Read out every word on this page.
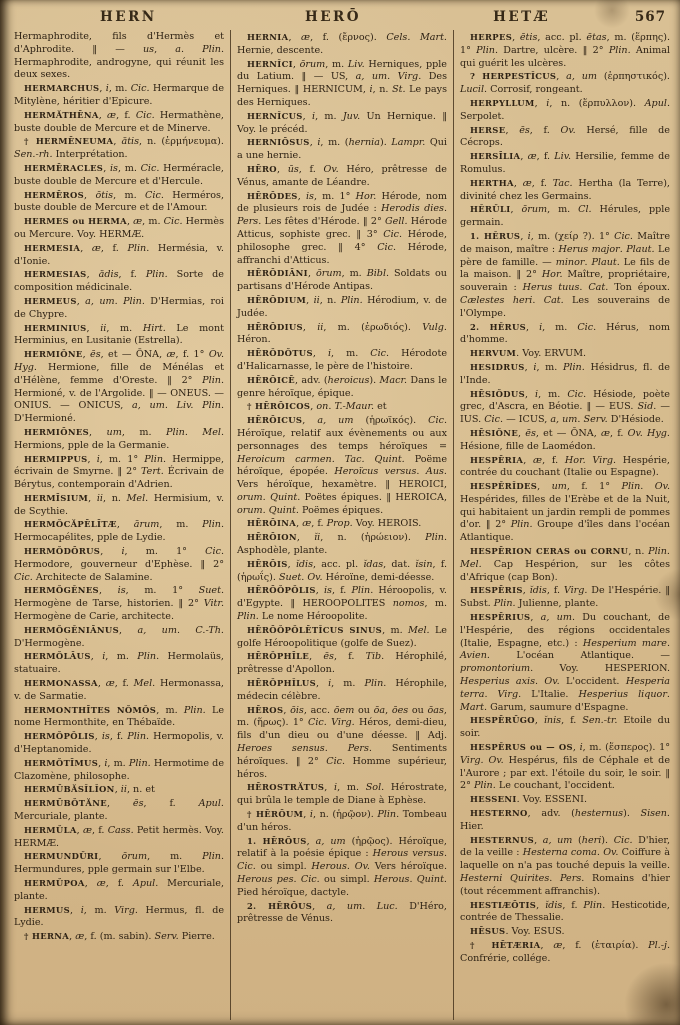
HERN	HERŌ	HETÆ	567

Hermaphrodite, fils d'Hermès et d'Aphrodite. ‖ — us, a. Plin. Hermaphrodite, androgyne, qui réunit les deux sexes.

HERMARCHUS, i, m. Cic. Hermarque de Mitylène, héritier d'Epicure.

HERMĂTHĒNA, æ, f. Cic. Hermathène, buste double de Mercure et de Minerve.

† HERMĒNEUMA, ătis, n. (ἑρμήνευμα). Sen.-rh. Interprétation.

HERMĒRACLES, is, m. Cic. Herméracle, buste double de Mercure et d'Hercule.

HERMĒROS, ōtis, m. Cic. Herméros, buste double de Mercure et de l'Amour.

HERMES ou HERMA, æ, m. Cic. Hermès ou Mercure. Voy. HERMÆ.

HERMESIA, æ, f. Plin. Hermésia, v. d'Ionie.

HERMESIAS, ădis, f. Plin. Sorte de composition médicinale.

HERMEUS, a, um. Plin. D'Hermias, roi de Chypre.

HERMINIUS, ii, m. Hirt. Le mont Herminius, en Lusitanie (Estrella).

HERMIŎNE, ēs, et — ŌNA, æ, f. 1° Ov. Hyg. Hermione, fille de Ménélas et d'Hélène, femme d'Oreste. ‖ 2° Plin. Hermioné, v. de l'Argolide. ‖ — ONEUS. — ONIUS. — ONICUS, a, um. Liv. Plin. D'Hermioné.

HERMIŌNES, um, m. Plin. Mel. Hermions, pple de la Germanie.

HERMIPPUS, i, m. 1° Plin. Hermippe, écrivain de Smyrne. ‖ 2° Tert. Écrivain de Bérytus, contemporain d'Adrien.

HERMĪSIUM, ii, n. Mel. Hermisium, v. de Scythie.

HERMŎCĂPĒLĪTÆ, ārum, m. Plin. Hermocapélites, pple de Lydie.

HERMŎDŌRUS, i, m. 1° Cic. Hermodore, gouverneur d'Ephèse. ‖ 2° Cic. Architecte de Salamine.

HERMŎGĔNES, is, m. 1° Suet. Hermogène de Tarse, historien. ‖ 2° Vitr. Hermogène de Carie, architecte.

HERMŎGĔNIĀNUS, a, um. C.-Th. D'Hermogène.

HERMŎLĀUS, i, m. Plin. Hermolaüs, statuaire.

HERMONASSA, æ, f. Mel. Hermonassa, v. de Sarmatie.

HERMONTHĪTES NŎMŎS, m. Plin. Le nome Hermonthite, en Thébaïde.

HERMŎPŎLIS, is, f. Plin. Hermopolis, v. d'Heptanomide.

HERMŎTĪMUS, i, m. Plin. Hermotime de Clazomène, philosophe.

HERMŪBĂSĬLĬON, ii, n. et

HERMŪBŎTĂNE, ēs, f. Apul. Mercuriale, plante.

HERMŬLA, æ, f. Cass. Petit hermès. Voy. HERMÆ.

HERMUNDŬRI, ōrum, m. Plin. Hermundures, pple germain sur l'Elbe.

HERMŬPOA, æ, f. Apul. Mercuriale, plante.

HERMUS, i, m. Virg. Hermus, fl. de Lydie.

† HERNA, æ, f. (m. sabin). Serv. Pierre.

HERNIA, æ, f. (ἔρνος). Cels. Mart. Hernie, descente.

HERNĬCI, ōrum, m. Liv. Herniques, pple du Latium. ‖ — US, a, um. Virg. Des Herniques. ‖ HERNICUM, i, n. St. Le pays des Herniques.

HERNĬCUS, i, m. Juv. Un Hernique. ‖ Voy. le précéd.

HERNIŌSUS, i, m. (hernia). Lampr. Qui a une hernie.

HĒRO, ūs, f. Ov. Héro, prêtresse de Vénus, amante de Léandre.

HĒRŌDES, is, m. 1° Hor. Hérode, nom de plusieurs rois de Judée : Herodis dies. Pers. Les fêtes d'Hérode. ‖ 2° Gell. Hérode Atticus, sophiste grec. ‖ 3° Cic. Hérode, philosophe grec. ‖ 4° Cic. Hérode, affranchi d'Atticus.

HĒRŌDIĀNI, ōrum, m. Bibl. Soldats ou partisans d'Hérode Antipas.

HĒRŌDIUM, ii, n. Plin. Hérodium, v. de Judée.

HĒRŌDIUS, ii, m. (ἐρωδιός). Vulg. Héron.

HĒRŎDŎTUS, i, m. Cic. Hérodote d'Halicarnasse, le père de l'histoire.

HĒRŌICĒ, adv. (heroicus). Macr. Dans le genre héroïque, épique.

† HĒRŌICOS, on. T.-Maur. et

HĒRŌICUS, a, um (ἡρωϊκός). Cic. Héroïque, relatif aux évènements ou aux personnages des temps héroïques = Heroicum carmen. Tac. Quint. Poëme héroïque, épopée. Heroïcus versus. Aus. Vers héroïque, hexamètre. ‖ HEROICI, orum. Quint. Poëtes épiques. ‖ HEROICA, orum. Quint. Poëmes épiques.

HĒRŌINA, æ, f. Prop. Voy. HEROIS.

HĒRŌION, ĭi, n. (ἡρώειον). Plin. Asphodèle, plante.

HĒRŌIS, ĭdis, acc. pl. ĭdas, dat. ĭsin, f. (ἡρωΐς). Suet. Ov. Héroïne, demi-déesse.

HĒRŌŎPŎLIS, is, f. Plin. Héroopolis, v. d'Egypte. ‖ HEROOPOLITES nomos, m. Plin. Le nome Héroopolite.

HĒRŌŎPŎLĒTĬCUS SINUS, m. Mel. Le golfe Héroopolitique (golfe de Suez).

HĒRŎPHĪLE, ēs, f. Tib. Hérophilé, prêtresse d'Apollon.

HĒRŎPHĬLUS, i, m. Plin. Hérophile, médecin célèbre.

HĒROS, ōis, acc. ōem ou ōa, ōes ou ōas, m. (ἥρως). 1° Cic. Virg. Héros, demi-dieu, fils d'un dieu ou d'une déesse. ‖ Adj. Heroes sensus. Pers. Sentiments héroïques. ‖ 2° Cic. Homme supérieur, héros.

HĒROSTRĂTUS, i, m. Sol. Hérostrate, qui brûla le temple de Diane à Ephèse.

† HĒRŌUM, i, n. (ἡρῷον). Plin. Tombeau d'un héros.

1. HĒRŌUS, a, um (ἡρῷος). Héroïque, relatif à la poésie épique : Herous versus. Cic. ou simpl. Herous. Ov. Vers héroïque. Herous pes. Cic. ou simpl. Herous. Quint. Pied héroïque, dactyle.

2. HĒRŌUS, a, um. Luc. D'Héro, prêtresse de Vénus.

HERPES, ētis, acc. pl. ētas, m. (ἕρπης). 1° Plin. Dartre, ulcère. ‖ 2° Plin. Animal qui guérit les ulcères.

? HERPESTĬCUS, a, um (ἑρπηστικός). Lucil. Corrosif, rongeant.

HERPYLLUM, i, n. (ἕρπυλλον). Apul. Serpolet.

HERSE, ēs, f. Ov. Hersé, fille de Cécrops.

HERSĪLIA, æ, f. Liv. Hersilie, femme de Romulus.

HERTHA, æ, f. Tac. Hertha (la Terre), divinité chez les Germains.

HĔRŬLI, ōrum, m. Cl. Hérules, pple germain.

1. HĔRUS, i, m. (χείρ ?). 1° Cic. Maître de maison, maître : Herus major. Plaut. Le père de famille. — minor. Plaut. Le fils de la maison. ‖ 2° Hor. Maître, propriétaire, souverain : Herus tuus. Cat. Ton époux. Cælestes heri. Cat. Les souverains de l'Olympe.

2. HĔRUS, i, m. Cic. Hérus, nom d'homme.

HERVUM. Voy. ERVUM.

HESIDRUS, i, m. Plin. Hésidrus, fl. de l'Inde.

HĒSIŎDUS, i, m. Cic. Hésiode, poète grec, d'Ascra, en Béotie. ‖ — EUS. Sid. — IUS. Cic. — ICUS, a, um. Serv. D'Hésiode.

HĒSIŎNE, ēs, et — ŎNA, æ, f. Ov. Hyg. Hésione, fille de Laomédon.

HESPĒRIA, æ, f. Hor. Virg. Hespérie, contrée du couchant (Italie ou Espagne).

HESPĔRĬDES, um, f. 1° Plin. Ov. Hespérides, filles de l'Erèbe et de la Nuit, qui habitaient un jardin rempli de pommes d'or. ‖ 2° Plin. Groupe d'îles dans l'océan Atlantique.

HESPĒRION CERAS ou CORNU, n. Plin. Mel. Cap Hespérion, sur les côtes d'Afrique (cap Bon).

HESPĒRIS, ĭdis, f. Virg. De l'Hespérie. ‖ Subst. Plin. Julienne, plante.

HESPĒRIUS, a, um. Du couchant, de l'Hespérie, des régions occidentales (Italie, Espagne, etc.) : Hesperium mare. Avien. L'océan Atlantique. — promontorium. Voy. HESPERION. Hesperius axis. Ov. L'occident. Hesperia terra. Virg. L'Italie. Hesperius liquor. Mart. Garum, saumure d'Espagne.

HESPĒRŪGO, ĭnis, f. Sen.-tr. Etoile du soir.

HESPĔRUS ou — OS, i, m. (ἕσπερος). 1° Virg. Ov. Hespérus, fils de Céphale et de l'Aurore ; par ext. l'étoile du soir, le soir. ‖ 2° Plin. Le couchant, l'occident.

HESSENI. Voy. ESSENI.

HESTERNO, adv. (hesternus). Sisen. Hier.

HESTERNUS, a, um (heri). Cic. D'hier, de la veille : Hesterna coma. Ov. Coiffure à laquelle on n'a pas touché depuis la veille. Hesterni Quirites. Pers. Romains d'hier (tout récemment affranchis).

HESTIÆŌTIS, ĭdis, f. Plin. Hesticotide, contrée de Thessalie.

HĒSUS. Voy. ESUS.

† HĒTÆRIA, æ, f. (ἑταιρία). Pl.-j. Confrérie, collége.
